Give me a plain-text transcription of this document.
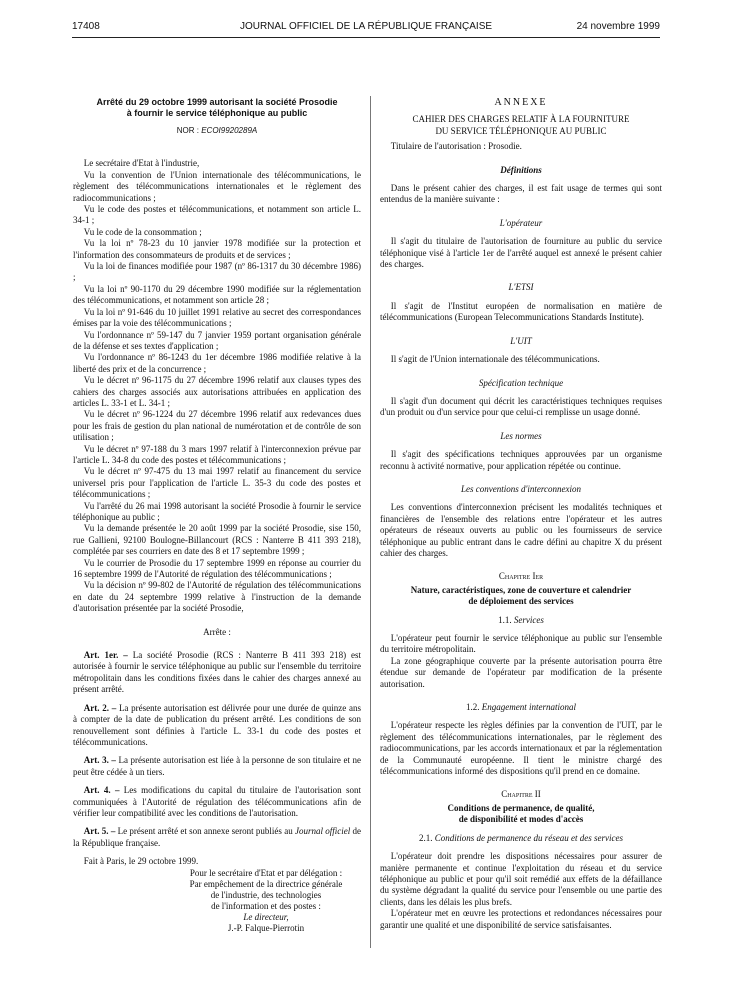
17408	JOURNAL OFFICIEL DE LA RÉPUBLIQUE FRANÇAISE	24 novembre 1999

Arrêté du 29 octobre 1999 autorisant la société Prosodie

à fournir le service téléphonique au public

NOR : ECOI9920289A

Le secrétaire d'Etat à l'industrie,

Vu la convention de l'Union internationale des télécommunications, le règlement des télécommunications internationales et le règlement des radiocommunications ;

Vu le code des postes et télécommunications, et notamment son article L. 34-1 ;

Vu le code de la consommation ;

Vu la loi nº 78-23 du 10 janvier 1978 modifiée sur la protection et l'information des consommateurs de produits et de services ;

Vu la loi de finances modifiée pour 1987 (nº 86-1317 du 30 décembre 1986) ;

Vu la loi nº 90-1170 du 29 décembre 1990 modifiée sur la réglementation des télécommunications, et notamment son article 28 ;

Vu la loi nº 91-646 du 10 juillet 1991 relative au secret des correspondances émises par la voie des télécommunications ;

Vu l'ordonnance nº 59-147 du 7 janvier 1959 portant organisation générale de la défense et ses textes d'application ;

Vu l'ordonnance nº 86-1243 du 1er décembre 1986 modifiée relative à la liberté des prix et de la concurrence ;

Vu le décret nº 96-1175 du 27 décembre 1996 relatif aux clauses types des cahiers des charges associés aux autorisations attribuées en application des articles L. 33-1 et L. 34-1 ;

Vu le décret nº 96-1224 du 27 décembre 1996 relatif aux redevances dues pour les frais de gestion du plan national de numérotation et de contrôle de son utilisation ;

Vu le décret nº 97-188 du 3 mars 1997 relatif à l'interconnexion prévue par l'article L. 34-8 du code des postes et télécommunications ;

Vu le décret nº 97-475 du 13 mai 1997 relatif au financement du service universel pris pour l'application de l'article L. 35-3 du code des postes et télécommunications ;

Vu l'arrêté du 26 mai 1998 autorisant la société Prosodie à fournir le service téléphonique au public ;

Vu la demande présentée le 20 août 1999 par la société Prosodie, sise 150, rue Gallieni, 92100 Boulogne-Billancourt (RCS : Nanterre B 411 393 218), complétée par ses courriers en date des 8 et 17 septembre 1999 ;

Vu le courrier de Prosodie du 17 septembre 1999 en réponse au courrier du 16 septembre 1999 de l'Autorité de régulation des télécommunications ;

Vu la décision nº 99-802 de l'Autorité de régulation des télécommunications en date du 24 septembre 1999 relative à l'instruction de la demande d'autorisation présentée par la société Prosodie,

Arrête :

Art. 1er. – La société Prosodie (RCS : Nanterre B 411 393 218) est autorisée à fournir le service téléphonique au public sur l'ensemble du territoire métropolitain dans les conditions fixées dans le cahier des charges annexé au présent arrêté.

Art. 2. – La présente autorisation est délivrée pour une durée de quinze ans à compter de la date de publication du présent arrêté. Les conditions de son renouvellement sont définies à l'article L. 33-1 du code des postes et télécommunications.

Art. 3. – La présente autorisation est liée à la personne de son titulaire et ne peut être cédée à un tiers.

Art. 4. – Les modifications du capital du titulaire de l'autorisation sont communiquées à l'Autorité de régulation des télécommunications afin de vérifier leur compatibilité avec les conditions de l'autorisation.

Art. 5. – Le présent arrêté et son annexe seront publiés au Journal officiel de la République française.

Fait à Paris, le 29 octobre 1999.

Pour le secrétaire d'Etat et par délégation :

Par empêchement de la directrice générale

de l'industrie, des technologies

de l'information et des postes :

Le directeur,

J.-P. Falque-Pierrotin

ANNEXE

CAHIER DES CHARGES RELATIF À LA FOURNITURE

DU SERVICE TÉLÉPHONIQUE AU PUBLIC

Titulaire de l'autorisation : Prosodie.

Définitions

Dans le présent cahier des charges, il est fait usage de termes qui sont entendus de la manière suivante :

L'opérateur

Il s'agit du titulaire de l'autorisation de fourniture au public du service téléphonique visé à l'article 1er de l'arrêté auquel est annexé le présent cahier des charges.

L'ETSI

Il s'agit de l'Institut européen de normalisation en matière de télécommunications (European Telecommunications Standards Institute).

L'UIT

Il s'agit de l'Union internationale des télécommunications.

Spécification technique

Il s'agit d'un document qui décrit les caractéristiques techniques requises d'un produit ou d'un service pour que celui-ci remplisse un usage donné.

Les normes

Il s'agit des spécifications techniques approuvées par un organisme reconnu à activité normative, pour application répétée ou continue.

Les conventions d'interconnexion

Les conventions d'interconnexion précisent les modalités techniques et financières de l'ensemble des relations entre l'opérateur et les autres opérateurs de réseaux ouverts au public ou les fournisseurs de service téléphonique au public entrant dans le cadre défini au chapitre X du présent cahier des charges.

Chapitre Ier

Nature, caractéristiques, zone de couverture et calendrier

de déploiement des services

1.1. Services

L'opérateur peut fournir le service téléphonique au public sur l'ensemble du territoire métropolitain.

La zone géographique couverte par la présente autorisation pourra être étendue sur demande de l'opérateur par modification de la présente autorisation.

1.2. Engagement international

L'opérateur respecte les règles définies par la convention de l'UIT, par le règlement des télécommunications internationales, par le règlement des radiocommunications, par les accords internationaux et par la réglementation de la Communauté européenne. Il tient le ministre chargé des télécommunications informé des dispositions qu'il prend en ce domaine.

Chapitre II

Conditions de permanence, de qualité,

de disponibilité et modes d'accès

2.1. Conditions de permanence du réseau et des services

L'opérateur doit prendre les dispositions nécessaires pour assurer de manière permanente et continue l'exploitation du réseau et du service téléphonique au public et pour qu'il soit remédié aux effets de la défaillance du système dégradant la qualité du service pour l'ensemble ou une partie des clients, dans les délais les plus brefs.

L'opérateur met en œuvre les protections et redondances nécessaires pour garantir une qualité et une disponibilité de service satisfaisantes.
